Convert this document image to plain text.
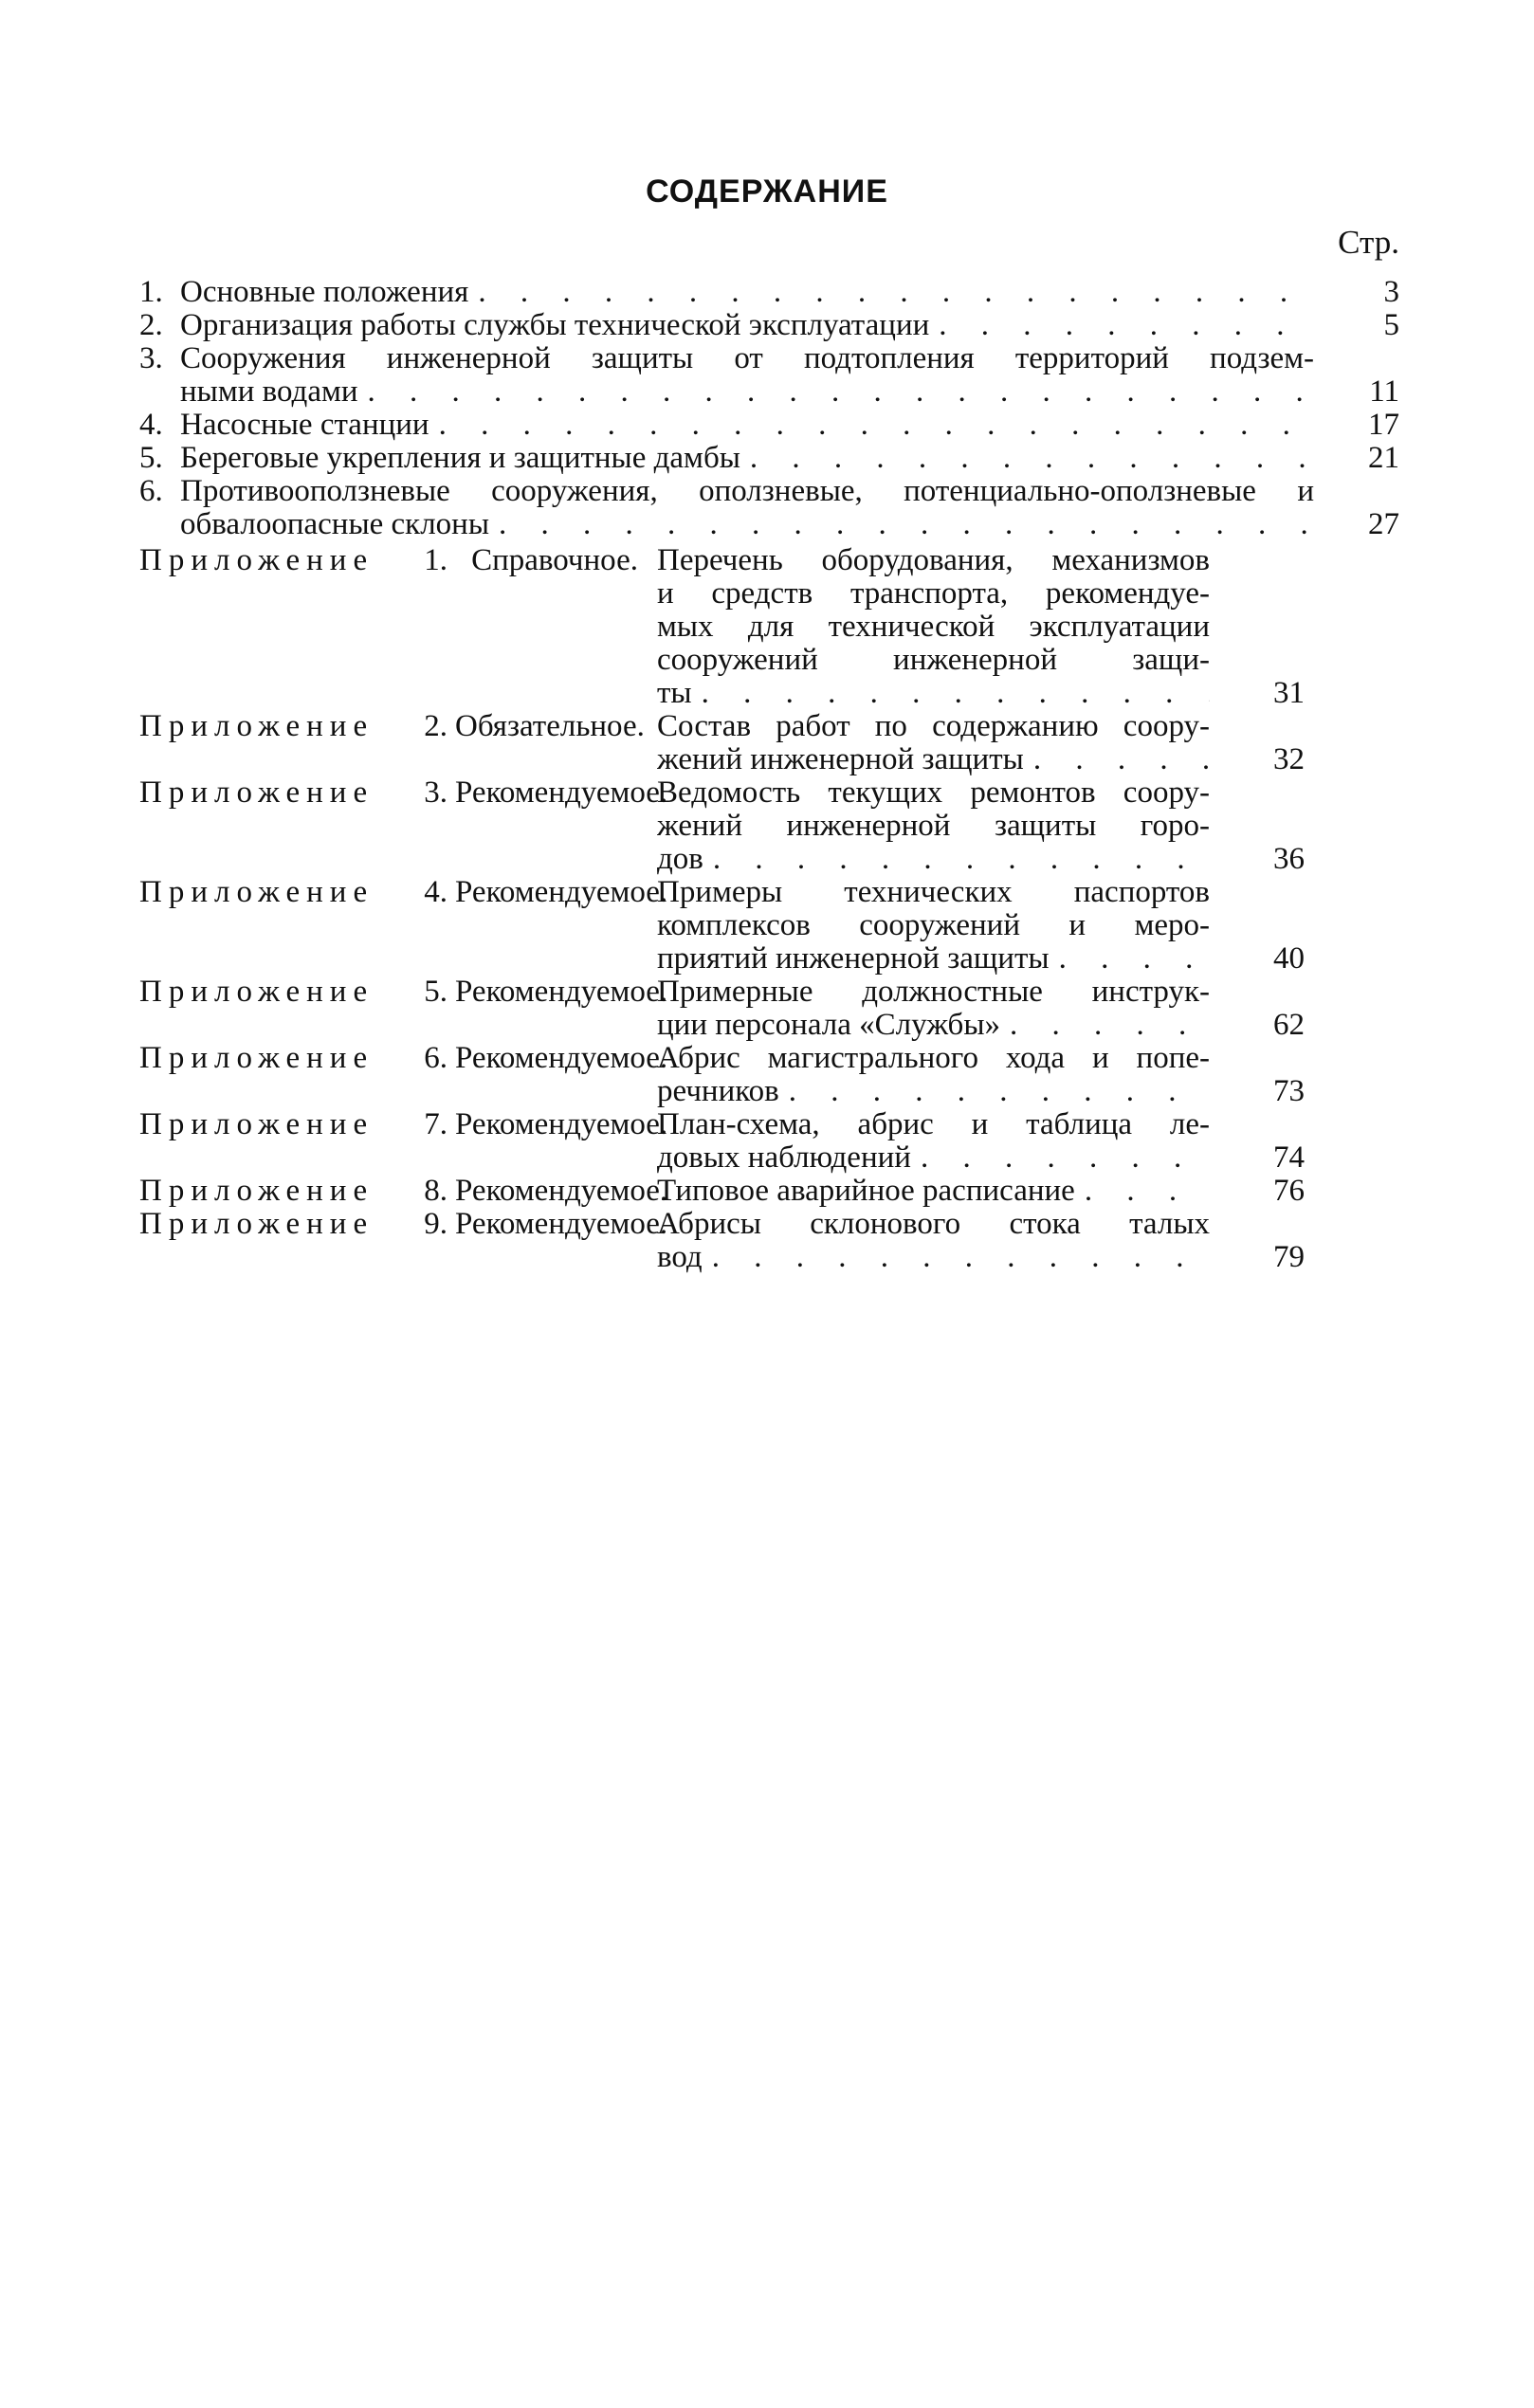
СОДЕРЖАНИЕ
Стр.
1. Основные положения . . .	3
2. Организация работы службы технической эксплуатации . . .	5
3. Сооружения инженерной защиты от подтопления территорий подзем-
ными водами . . .	11
4. Насосные станции . . .	17
5. Береговые укрепления и защитные дамбы . . .	21
6. Противооползневые сооружения, оползневые, потенциально-оползневые и
обвалоопасные склоны . . .	27
Приложение	1. Справочное. Перечень оборудования, механизмов
и средств транспорта, рекомендуе-
мых для технической эксплуатации
сооружений инженерной защи-
ты . . .	31
Приложение	2. Обязательное. Состав работ по содержанию соору-
жений инженерной защиты . . .	32
Приложение	3. Рекомендуемое.
Ведомость текущих ремонтов соору-
жений инженерной защиты горо-
дов . . .	36
Приложение	4. Рекомендуемое.
Примеры технических паспортов
комплексов сооружений и меро-
приятий инженерной защиты . . .	40
Приложение	5. Рекомендуемое.
Примерные должностные инструк-
ции персонала «Службы» . . .	62
Приложение	6. Рекомендуемое.
Абрис магистрального хода и попе-
речников . . .	73
Приложение	7. Рекомендуемое.
План-схема, абрис и таблица ле-
довых наблюдений . . .	74
Приложение	8. Рекомендуемое.
Типовое аварийное расписание . . .	76
Приложение	9. Рекомендуемое.
Абрисы склонового стока талых
вод . . .	79
